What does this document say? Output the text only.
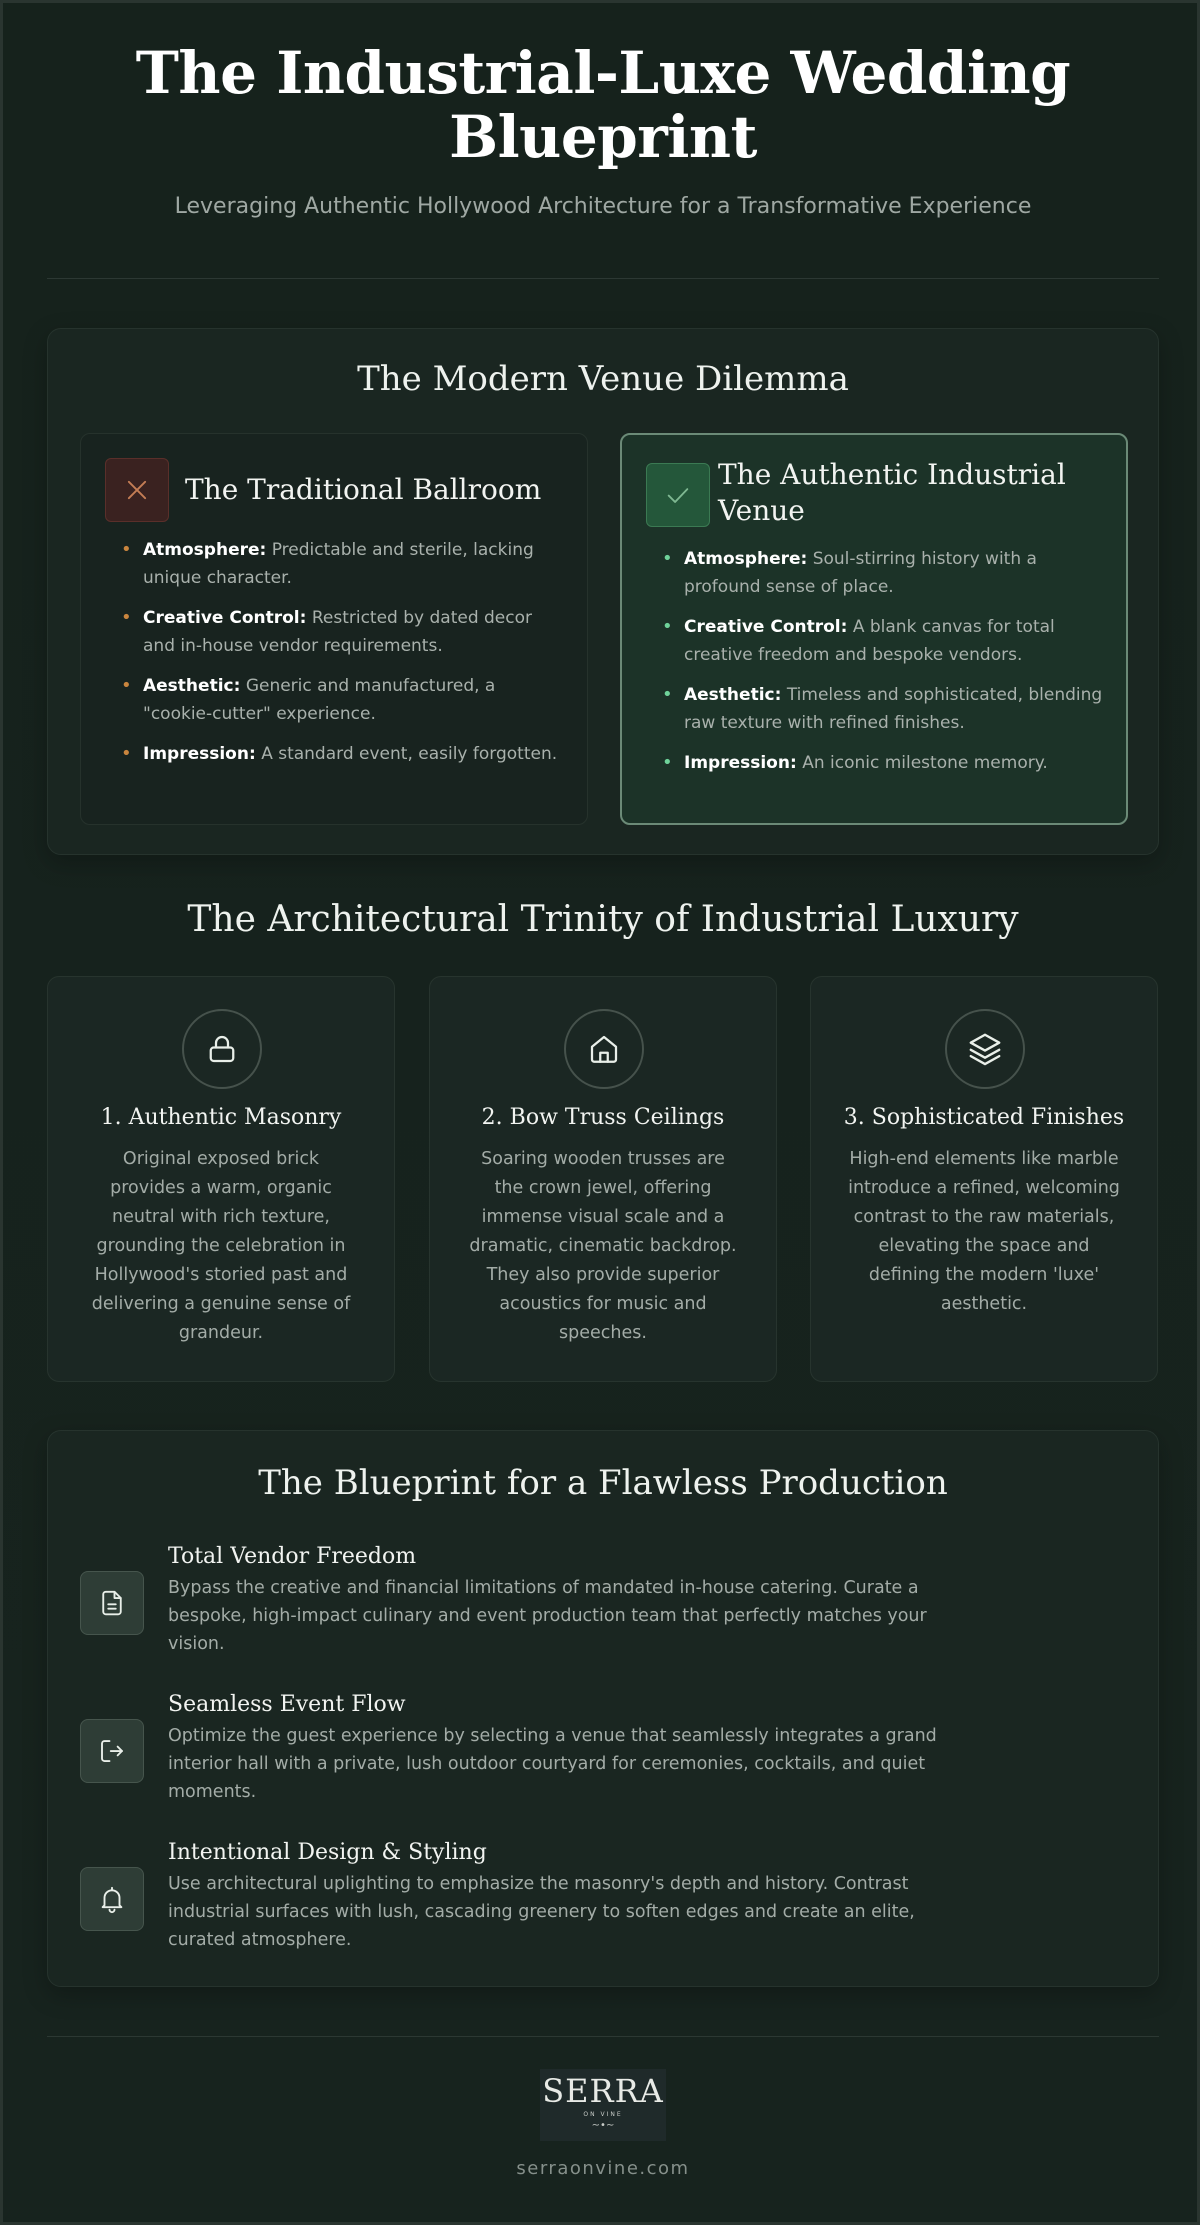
The Industrial-Luxe Wedding Blueprint

Leveraging Authentic Hollywood Architecture for a Transformative Experience

The Modern Venue Dilemma
The Traditional Ballroom
• Atmosphere: Predictable and sterile, lacking unique character.
• Creative Control: Restricted by dated decor and in-house vendor requirements.
• Aesthetic: Generic and manufactured, a "cookie-cutter" experience.
• Impression: A standard event, easily forgotten.
The Authentic Industrial Venue
• Atmosphere: Soul-stirring history with a profound sense of place.
• Creative Control: A blank canvas for total creative freedom and bespoke vendors.
• Aesthetic: Timeless and sophisticated, blending raw texture with refined finishes.
• Impression: An iconic milestone memory.
The Architectural Trinity of Industrial Luxury
1. Authentic Masonry

Original exposed brick provides a warm, organic neutral with rich texture, grounding the celebration in Hollywood's storied past and delivering a genuine sense of grandeur.

2. Bow Truss Ceilings

Soaring wooden trusses are the crown jewel, offering immense visual scale and a dramatic, cinematic backdrop. They also provide superior acoustics for music and speeches.

3. Sophisticated Finishes

High-end elements like marble introduce a refined, welcoming contrast to the raw materials, elevating the space and defining the modern 'luxe' aesthetic.

The Blueprint for a Flawless Production
Total Vendor Freedom

Bypass the creative and financial limitations of mandated in-house catering. Curate a bespoke, high-impact culinary and event production team that perfectly matches your vision.

Seamless Event Flow

Optimize the guest experience by selecting a venue that seamlessly integrates a grand interior hall with a private, lush outdoor courtyard for ceremonies, cocktails, and quiet moments.

Intentional Design & Styling

Use architectural uplighting to emphasize the masonry's depth and history. Contrast industrial surfaces with lush, cascading greenery to soften edges and create an elite, curated atmosphere.

SERRA
ON VINE
∼•∼
serraonvine.com
